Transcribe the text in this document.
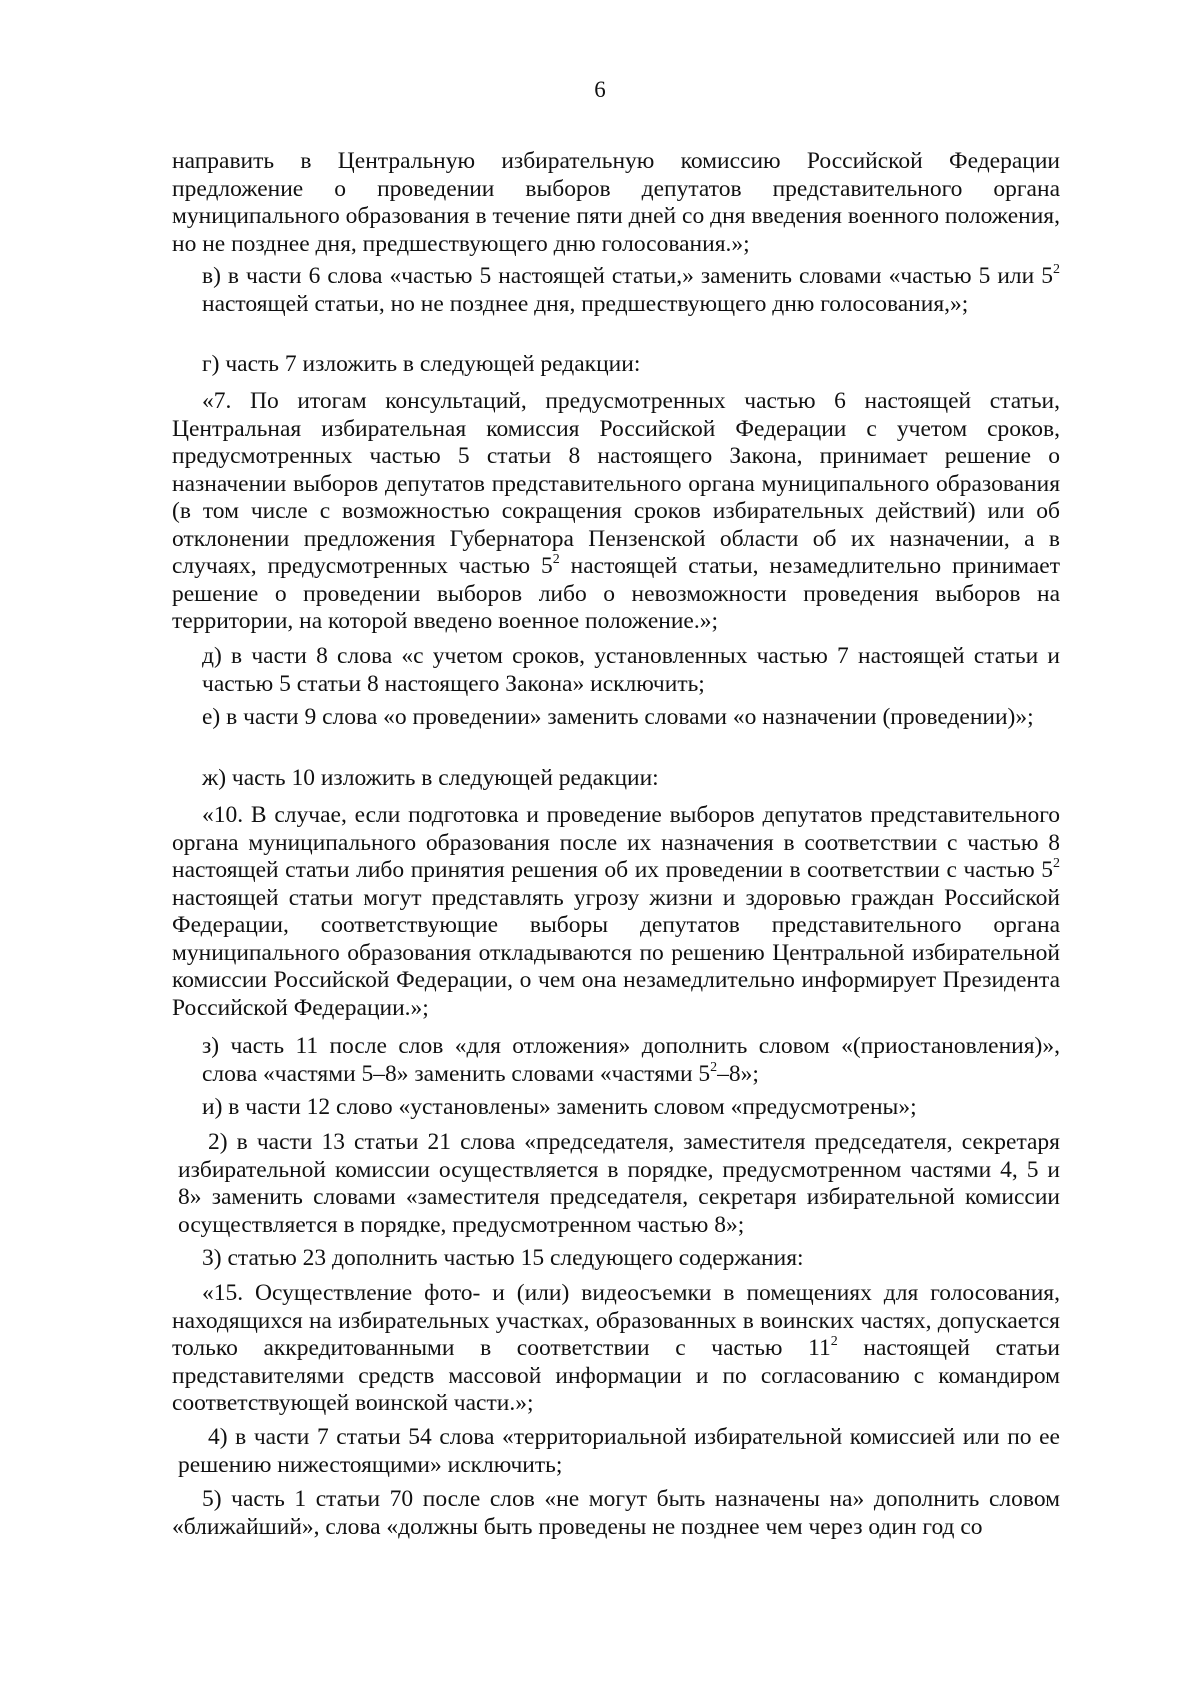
6

направить в Центральную избирательную комиссию Российской Федерации предложение о проведении выборов депутатов представительного органа муниципального образования в течение пяти дней со дня введения военного положения, но не позднее дня, предшествующего дню голосования.»;

в) в части 6 слова «частью 5 настоящей статьи,» заменить словами «частью 5 или $5^2$ настоящей статьи, но не позднее дня, предшествующего дню голосования,»;

г) часть 7 изложить в следующей редакции:

«7. По итогам консультаций, предусмотренных частью 6 настоящей статьи, Центральная избирательная комиссия Российской Федерации с учетом сроков, предусмотренных частью 5 статьи 8 настоящего Закона, принимает решение о назначении выборов депутатов представительного органа муниципального образования (в том числе с возможностью сокращения сроков избирательных действий) или об отклонении предложения Губернатора Пензенской области об их назначении, а в случаях, предусмотренных частью $5^2$ настоящей статьи, незамедлительно принимает решение о проведении выборов либо о невозможности проведения выборов на территории, на которой введено военное положение.»;

д) в части 8 слова «с учетом сроков, установленных частью 7 настоящей статьи и частью 5 статьи 8 настоящего Закона» исключить;

е) в части 9 слова «о проведении» заменить словами «о назначении (проведении)»;

ж) часть 10 изложить в следующей редакции:

«10. В случае, если подготовка и проведение выборов депутатов представительного органа муниципального образования после их назначения в соответствии с частью 8 настоящей статьи либо принятия решения об их проведении в соответствии с частью $5^2$ настоящей статьи могут представлять угрозу жизни и здоровью граждан Российской Федерации, соответствующие выборы депутатов представительного органа муниципального образования откладываются по решению Центральной избирательной комиссии Российской Федерации, о чем она незамедлительно информирует Президента Российской Федерации.»;

з) часть 11 после слов «для отложения» дополнить словом «(приостановления)», слова «частями 5–8» заменить словами «частями $5^2-8$»;

и) в части 12 слово «установлены» заменить словом «предусмотрены»;

2) в части 13 статьи 21 слова «председателя, заместителя председателя, секретаря избирательной комиссии осуществляется в порядке, предусмотренном частями 4, 5 и 8» заменить словами «заместителя председателя, секретаря избирательной комиссии осуществляется в порядке, предусмотренном частью 8»;

3) статью 23 дополнить частью 15 следующего содержания:

«15. Осуществление фото- и (или) видеосъемки в помещениях для голосования, находящихся на избирательных участках, образованных в воинских частях, допускается только аккредитованными в соответствии с частью $11^2$ настоящей статьи представителями средств массовой информации и по согласованию с командиром соответствующей воинской части.»;

4) в части 7 статьи 54 слова «территориальной избирательной комиссией или по ее решению нижестоящими» исключить;

5) часть 1 статьи 70 после слов «не могут быть назначены на» дополнить словом «ближайший», слова «должны быть проведены не позднее чем через один год со
